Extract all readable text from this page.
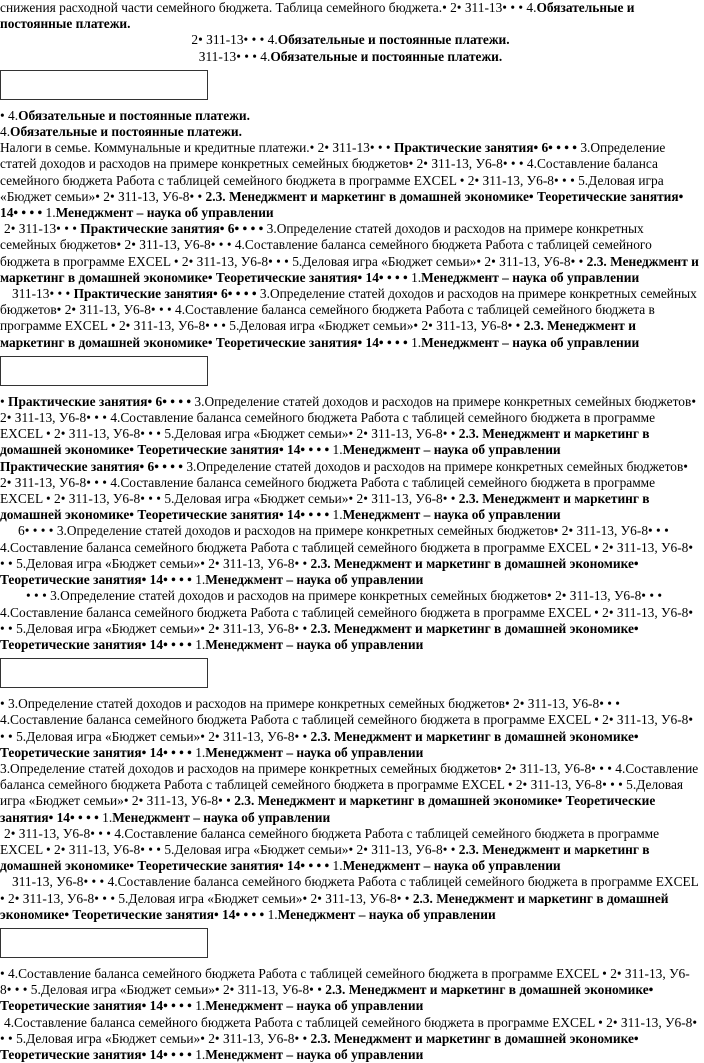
снижения расходной части семейного бюджета. Таблица семейного бюджета.• 2• З11-13• • • 4.Обязательные и постоянные платежи.
2• З11-13• • • 4.Обязательные и постоянные платежи.
З11-13• • • 4.Обязательные и постоянные платежи.
• 4.Обязательные и постоянные платежи.
4.Обязательные и постоянные платежи.
Налоги в семье. Коммунальные и кредитные платежи.• 2• З11-13• • • Практические занятия• 6• • • • 3.Определение статей доходов и расходов на примере конкретных семейных бюджетов• 2• З11-13, У6-8• • • 4.Составление баланса семейного бюджета Работа с таблицей семейного бюджета в программе EXCEL • 2• З11-13, У6-8• • • 5.Деловая игра «Бюджет семьи»• 2• З11-13, У6-8• • 2.3. Менеджмент и маркетинг в домашней экономике• Теоретические занятия• 14• • • • 1.Менеджмент – наука об управлении
2• З11-13• • • Практические занятия• 6• • • • 3.Определение статей доходов и расходов на примере конкретных семейных бюджетов• 2• З11-13, У6-8• • • 4.Составление баланса семейного бюджета Работа с таблицей семейного бюджета в программе EXCEL • 2• З11-13, У6-8• • • 5.Деловая игра «Бюджет семьи»• 2• З11-13, У6-8• • 2.3. Менеджмент и маркетинг в домашней экономике• Теоретические занятия• 14• • • • 1.Менеджмент – наука об управлении
З11-13• • • Практические занятия• 6• • • • 3.Определение статей доходов и расходов на примере конкретных семейных бюджетов• 2• З11-13, У6-8• • • 4.Составление баланса семейного бюджета Работа с таблицей семейного бюджета в программе EXCEL • 2• З11-13, У6-8• • • 5.Деловая игра «Бюджет семьи»• 2• З11-13, У6-8• • 2.3. Менеджмент и маркетинг в домашней экономике• Теоретические занятия• 14• • • • 1.Менеджмент – наука об управлении
• Практические занятия• 6• • • • 3.Определение статей доходов и расходов на примере конкретных семейных бюджетов• 2• З11-13, У6-8• • • 4.Составление баланса семейного бюджета Работа с таблицей семейного бюджета в программе EXCEL • 2• З11-13, У6-8• • • 5.Деловая игра «Бюджет семьи»• 2• З11-13, У6-8• • 2.3. Менеджмент и маркетинг в домашней экономике• Теоретические занятия• 14• • • • 1.Менеджмент – наука об управлении
Практические занятия• 6• • • • 3.Определение статей доходов и расходов на примере конкретных семейных бюджетов• 2• З11-13, У6-8• • • 4.Составление баланса семейного бюджета Работа с таблицей семейного бюджета в программе EXCEL • 2• З11-13, У6-8• • • 5.Деловая игра «Бюджет семьи»• 2• З11-13, У6-8• • 2.3. Менеджмент и маркетинг в домашней экономике• Теоретические занятия• 14• • • • 1.Менеджмент – наука об управлении
6• • • • 3.Определение статей доходов и расходов на примере конкретных семейных бюджетов• 2• З11-13, У6-8• • • 4.Составление баланса семейного бюджета Работа с таблицей семейного бюджета в программе EXCEL • 2• З11-13, У6-8• • • 5.Деловая игра «Бюджет семьи»• 2• З11-13, У6-8• • 2.3. Менеджмент и маркетинг в домашней экономике• Теоретические занятия• 14• • • • 1.Менеджмент – наука об управлении
• • • 3.Определение статей доходов и расходов на примере конкретных семейных бюджетов• 2• З11-13, У6-8• • • 4.Составление баланса семейного бюджета Работа с таблицей семейного бюджета в программе EXCEL • 2• З11-13, У6-8• • • 5.Деловая игра «Бюджет семьи»• 2• З11-13, У6-8• • 2.3. Менеджмент и маркетинг в домашней экономике• Теоретические занятия• 14• • • • 1.Менеджмент – наука об управлении
• 3.Определение статей доходов и расходов на примере конкретных семейных бюджетов• 2• З11-13, У6-8• • • 4.Составление баланса семейного бюджета Работа с таблицей семейного бюджета в программе EXCEL • 2• З11-13, У6-8• • • 5.Деловая игра «Бюджет семьи»• 2• З11-13, У6-8• • 2.3. Менеджмент и маркетинг в домашней экономике• Теоретические занятия• 14• • • • 1.Менеджмент – наука об управлении
3.Определение статей доходов и расходов на примере конкретных семейных бюджетов• 2• З11-13, У6-8• • • 4.Составление баланса семейного бюджета Работа с таблицей семейного бюджета в программе EXCEL • 2• З11-13, У6-8• • • 5.Деловая игра «Бюджет семьи»• 2• З11-13, У6-8• • 2.3. Менеджмент и маркетинг в домашней экономике• Теоретические занятия• 14• • • • 1.Менеджмент – наука об управлении
2• З11-13, У6-8• • • 4.Составление баланса семейного бюджета Работа с таблицей семейного бюджета в программе EXCEL • 2• З11-13, У6-8• • • 5.Деловая игра «Бюджет семьи»• 2• З11-13, У6-8• • 2.3. Менеджмент и маркетинг в домашней экономике• Теоретические занятия• 14• • • • 1.Менеджмент – наука об управлении
З11-13, У6-8• • • 4.Составление баланса семейного бюджета Работа с таблицей семейного бюджета в программе EXCEL • 2• З11-13, У6-8• • • 5.Деловая игра «Бюджет семьи»• 2• З11-13, У6-8• • 2.3. Менеджмент и маркетинг в домашней экономике• Теоретические занятия• 14• • • • 1.Менеджмент – наука об управлении
• 4.Составление баланса семейного бюджета Работа с таблицей семейного бюджета в программе EXCEL • 2• З11-13, У6-8• • • 5.Деловая игра «Бюджет семьи»• 2• З11-13, У6-8• • 2.3. Менеджмент и маркетинг в домашней экономике• Теоретические занятия• 14• • • • 1.Менеджмент – наука об управлении
4.Составление баланса семейного бюджета Работа с таблицей семейного бюджета в программе EXCEL • 2• З11-13, У6-8• • • 5.Деловая игра «Бюджет семьи»• 2• З11-13, У6-8• • 2.3. Менеджмент и маркетинг в домашней экономике• Теоретические занятия• 14• • • • 1.Менеджмент – наука об управлении
